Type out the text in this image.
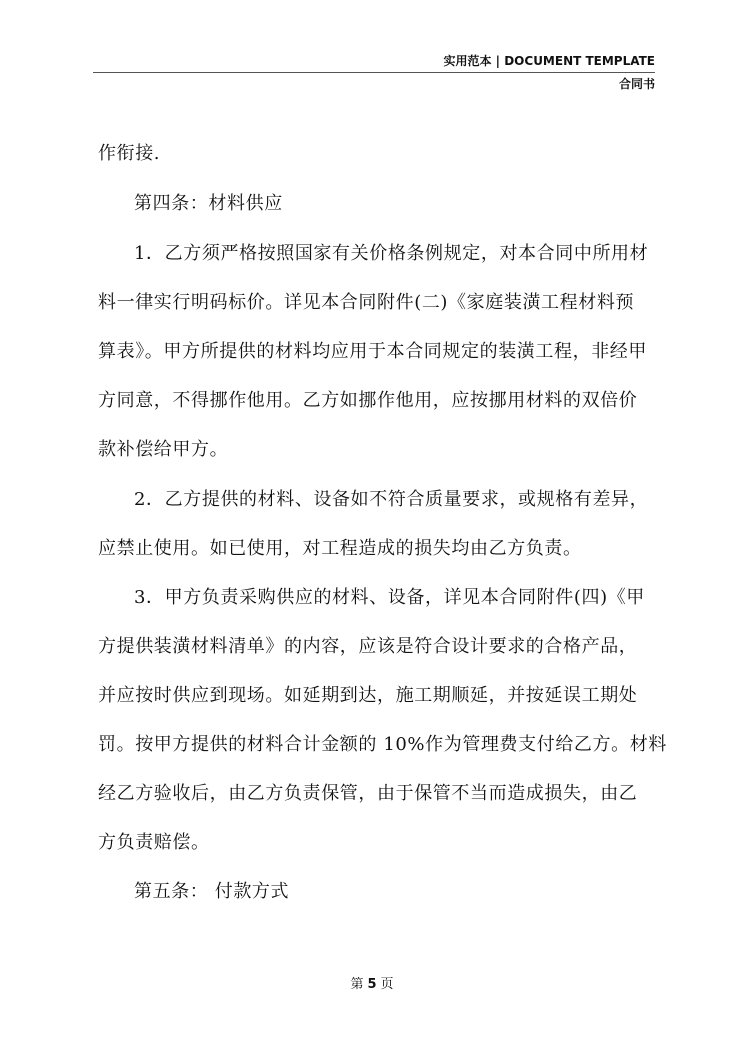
实用范本 | DOCUMENT TEMPLATE
合同书
作衔接.
第四条：材料供应
1．乙方须严格按照国家有关价格条例规定，对本合同中所用材
料一律实行明码标价。详见本合同附件(二)《家庭装潢工程材料预
算表》。甲方所提供的材料均应用于本合同规定的装潢工程，非经甲
方同意，不得挪作他用。乙方如挪作他用，应按挪用材料的双倍价
款补偿给甲方。
2．乙方提供的材料、设备如不符合质量要求，或规格有差异，
应禁止使用。如已使用，对工程造成的损失均由乙方负责。
3．甲方负责采购供应的材料、设备，详见本合同附件(四)《甲
方提供装潢材料清单》的内容，应该是符合设计要求的合格产品，
并应按时供应到现场。如延期到达，施工期顺延，并按延误工期处
罚。按甲方提供的材料合计金额的 10%作为管理费支付给乙方。材料
经乙方验收后，由乙方负责保管，由于保管不当而造成损失，由乙
方负责赔偿。
第五条： 付款方式
第 5 页
